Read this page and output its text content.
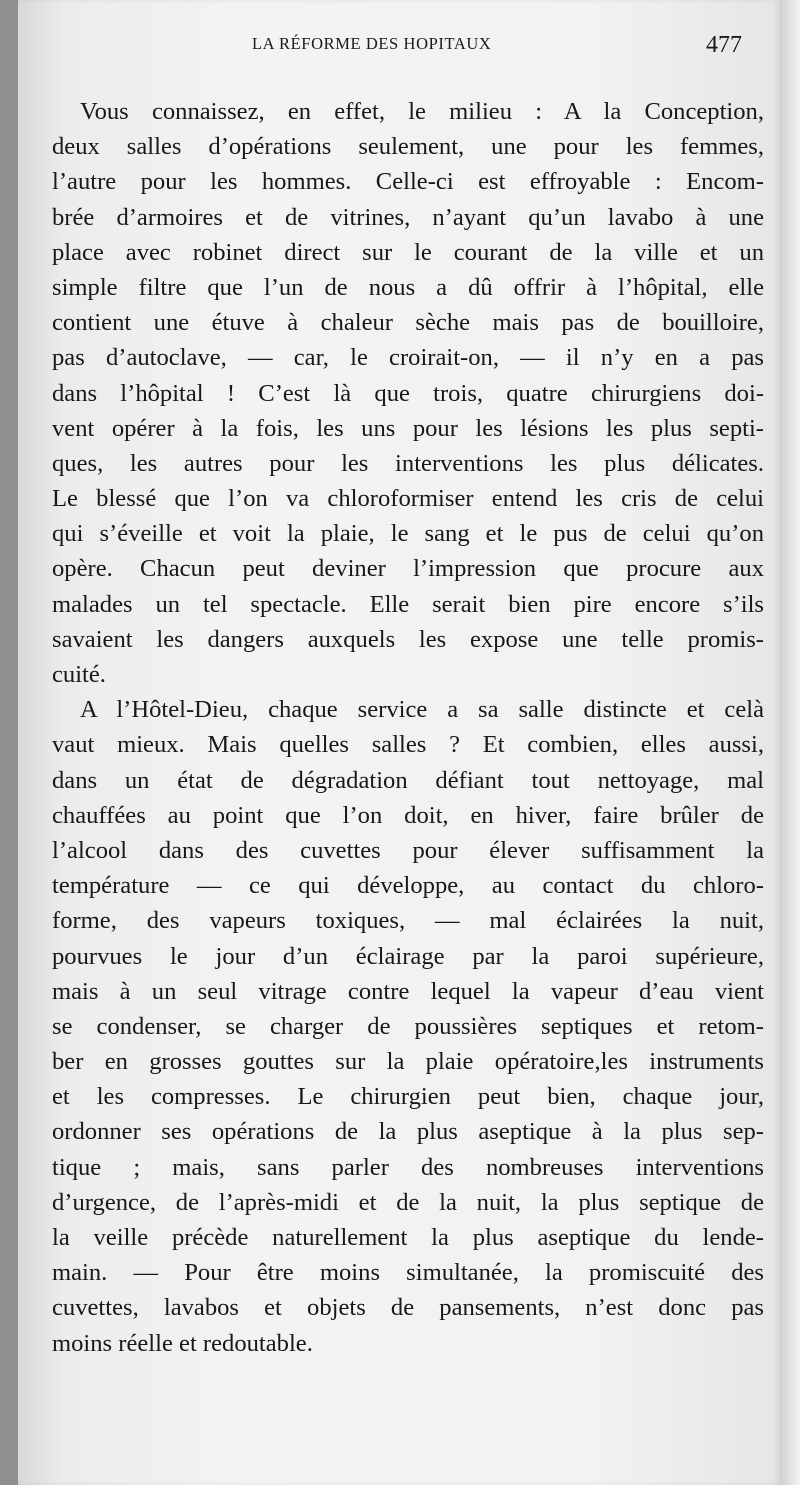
LA RÉFORME DES HOPITAUX	477
Vous connaissez, en effet, le milieu : A la Conception,
deux salles d’opérations seulement, une pour les femmes,
l’autre pour les hommes. Celle-ci est effroyable : Encom-
brée d’armoires et de vitrines, n’ayant qu’un lavabo à une
place avec robinet direct sur le courant de la ville et un
simple filtre que l’un de nous a dû offrir à l’hôpital, elle
contient une étuve à chaleur sèche mais pas de bouilloire,
pas d’autoclave, — car, le croirait-on, — il n’y en a pas
dans l’hôpital ! C’est là que trois, quatre chirurgiens doi-
vent opérer à la fois, les uns pour les lésions les plus septi-
ques, les autres pour les interventions les plus délicates.
Le blessé que l’on va chloroformiser entend les cris de celui
qui s’éveille et voit la plaie, le sang et le pus de celui qu’on
opère. Chacun peut deviner l’impression que procure aux
malades un tel spectacle. Elle serait bien pire encore s’ils
savaient les dangers auxquels les expose une telle promis-
cuité.
A l’Hôtel-Dieu, chaque service a sa salle distincte et celà
vaut mieux. Mais quelles salles ? Et combien, elles aussi,
dans un état de dégradation défiant tout nettoyage, mal
chauffées au point que l’on doit, en hiver, faire brûler de
l’alcool dans des cuvettes pour élever suffisamment la
température — ce qui développe, au contact du chloro-
forme, des vapeurs toxiques, — mal éclairées la nuit,
pourvues le jour d’un éclairage par la paroi supérieure,
mais à un seul vitrage contre lequel la vapeur d’eau vient
se condenser, se charger de poussières septiques et retom-
ber en grosses gouttes sur la plaie opératoire,les instruments
et les compresses. Le chirurgien peut bien, chaque jour,
ordonner ses opérations de la plus aseptique à la plus sep-
tique ; mais, sans parler des nombreuses interventions
d’urgence, de l’après-midi et de la nuit, la plus septique de
la veille précède naturellement la plus aseptique du lende-
main. — Pour être moins simultanée, la promiscuité des
cuvettes, lavabos et objets de pansements, n’est donc pas
moins réelle et redoutable.
